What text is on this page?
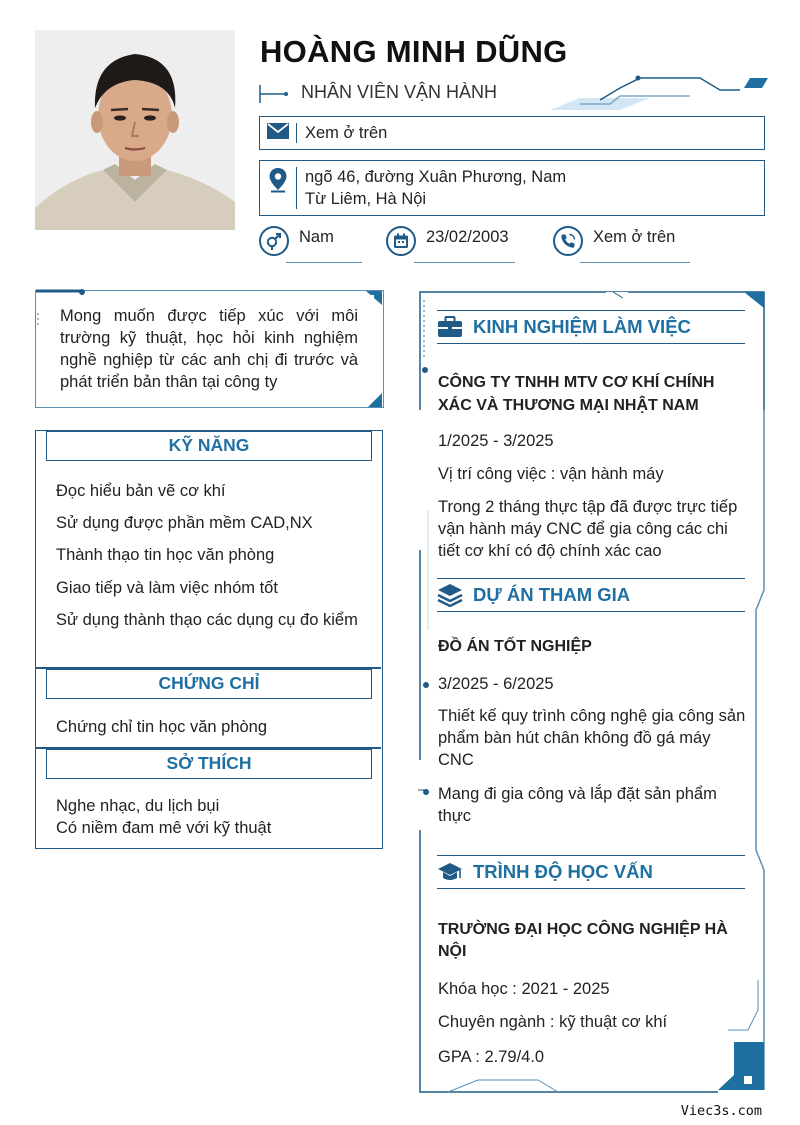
HOÀNG MINH DŨNG
NHÂN VIÊN VẬN HÀNH
Xem ở trên
ngõ 46, đường Xuân Phương, Nam Từ Liêm, Hà Nội
Nam	23/02/2003	Xem ở trên
Mong muốn được tiếp xúc với môi trường kỹ thuật, học hỏi kinh nghiệm nghề nghiệp từ các anh chị đi trước và phát triển bản thân tại công ty
KỸ NĂNG
Đọc hiểu bản vẽ cơ khí
Sử dụng được phần mềm CAD,NX
Thành thạo tin học văn phòng
Giao tiếp và làm việc nhóm tốt
Sử dụng thành thạo các dụng cụ đo kiểm
CHỨNG CHỈ
Chứng chỉ tin học văn phòng
SỞ THÍCH
Nghe nhạc, du lịch bụi
Có niềm đam mê với kỹ thuật
KINH NGHIỆM LÀM VIỆC
CÔNG TY TNHH MTV CƠ KHÍ CHÍNH XÁC VÀ THƯƠNG MẠI NHẬT NAM
1/2025 - 3/2025
Vị trí công việc : vận hành máy
Trong 2 tháng thực tập đã được trực tiếp vận hành máy CNC để gia công các chi tiết cơ khí có độ chính xác cao
DỰ ÁN THAM GIA
ĐỒ ÁN TỐT NGHIỆP
3/2025 - 6/2025
Thiết kế quy trình công nghệ gia công sản phẩm bàn hút chân không đồ gá máy CNC
Mang đi gia công và lắp đặt sản phẩm thực
TRÌNH ĐỘ HỌC VẤN
TRƯỜNG ĐẠI HỌC CÔNG NGHIỆP HÀ NỘI
Khóa học : 2021 - 2025
Chuyên ngành : kỹ thuật cơ khí
GPA : 2.79/4.0
Viec3s.com
